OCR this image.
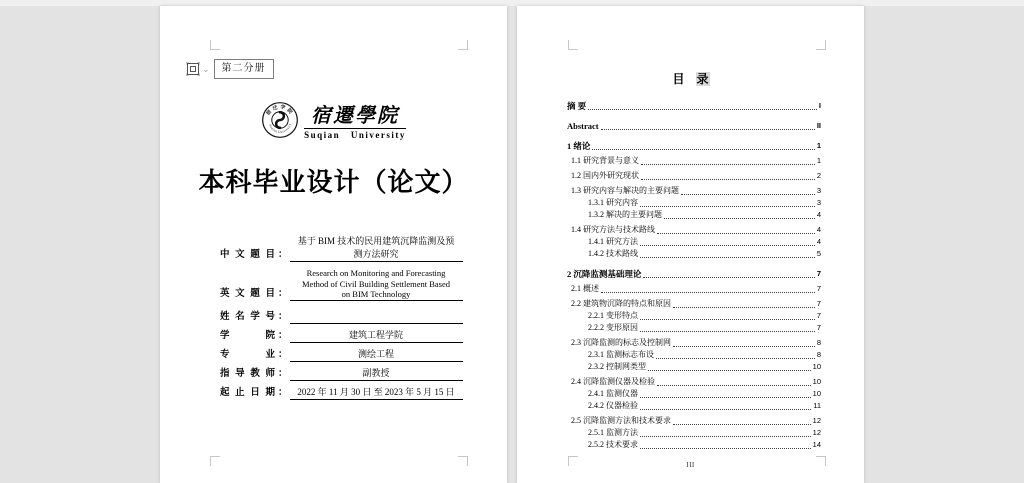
⌄	第二分册
宿迁学院
Suqian University 宿遷學院
Suqian University
本科毕业设计（论文）
中文题目 ：
基于 BIM 技术的民用建筑沉降监测及预
测方法研究
英文题目 ：
Research on Monitoring and Forecasting
Method of Civil Building Settlement Based
on BIM Technology
姓名学号 ：

学院 ：	建筑工程学院
专业 ：	测绘工程
指导教师 ：	副教授
起止日期 ：	2022 年 11 月 30 日 至 2023 年 5 月 15 日
目 录
摘 要	I
Abstract	II
1 绪论	1
1.1 研究背景与意义	1
1.2 国内外研究现状	2
1.3 研究内容与解决的主要问题	3
1.3.1 研究内容	3
1.3.2 解决的主要问题	4
1.4 研究方法与技术路线	4
1.4.1 研究方法	4
1.4.2 技术路线	5
2 沉降监测基础理论	7
2.1 概述	7
2.2 建筑物沉降的特点和原因	7
2.2.1 变形特点	7
2.2.2 变形原因	7
2.3 沉降监测的标志及控制网	8
2.3.1 监测标志布设	8
2.3.2 控制网类型	10
2.4 沉降监测仪器及检验	10
2.4.1 监测仪器	10
2.4.2 仪器检验	11
2.5 沉降监测方法和技术要求	12
2.5.1 监测方法	12
2.5.2 技术要求	14
III
